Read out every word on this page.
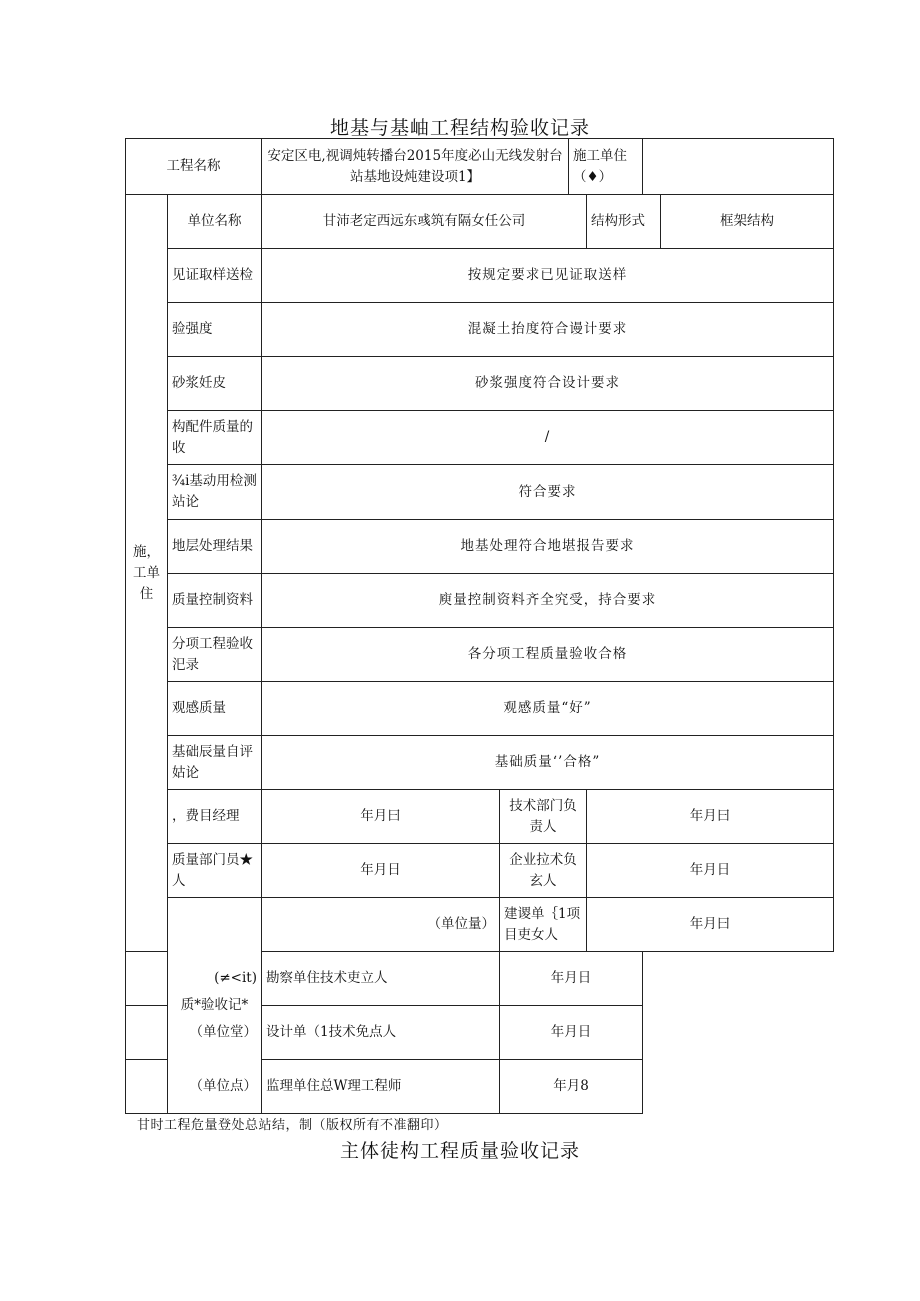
地基与基岫工程结构验收记录
工程名称		安定区电,视调炖转播台2015年度必山无线发射台站基地设炖建设项1】		施工单住（♦）			
施，工单住	单位名称	甘沛老定西远东彧筑有隔女任公司			结构形式		框架结构
	见证取样送检	按规定要求已见证取送样					
	验强度	混凝土抬度符合谩计要求					
	砂浆妊皮	砂浆强度符合设计要求					
	构配件质量的收	/					
	¾i基动用检测站论	符合要求					
	地层处理结果	地基处理符合地堪报告要求					
	质量控制资料	庾量控制资料齐全究受，持合要求					
	分项工程验收汜录	各分项工程质量验收合格					
	观感质量	观感质量“好”					
	基础辰量自评姑论	基础质量‘’合格”					
	，费目经理	年月曰	技术部门负责人		年月曰		
	质量部门员★人	年月日	企业拉术负玄人		年月日		
	质*验收记*	（单位量）	建谡单｛1项目吏女人		年月曰		
(≠<it)		勘察单住技术吏立人	年月日				
（单位堂）		设计单（1技术免点人	年月日				
（单位点）		监理单住总W理工程师	年月8				
甘时工程危量登处总站结，制（版权所有不准翻印）
主体徒构工程质量验收记录
